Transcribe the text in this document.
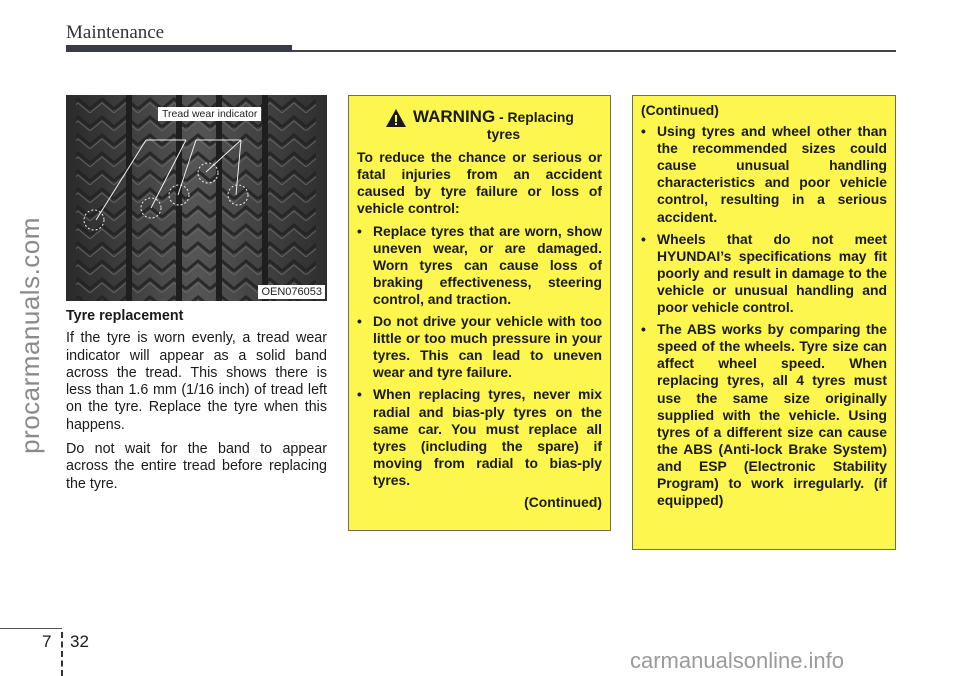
Maintenance
procarmanuals.com
Tread wear indicator
OEN076053
Tyre replacement

If the tyre is worn evenly, a tread wear indicator will appear as a solid band across the tread. This shows there is less than 1.6 mm (1/16 inch) of tread left on the tyre. Replace the tyre when this happens.

Do not wait for the band to appear across the entire tread before replacing the tyre.

WARNING - Replacing
tyres

To reduce the chance or serious or fatal injuries from an accident caused by tyre failure or loss of vehicle control:

• Replace tyres that are worn, show uneven wear, or are damaged. Worn tyres can cause loss of braking effectiveness, steering control, and traction.
• Do not drive your vehicle with too little or too much pressure in your tyres. This can lead to uneven wear and tyre failure.
• When replacing tyres, never mix radial and bias-ply tyres on the same car. You must replace all tyres (including the spare) if moving from radial to bias-ply tyres.
(Continued)
(Continued)
• Using tyres and wheel other than the recommended sizes could cause unusual handling characteristics and poor vehicle control, resulting in a serious accident.
• Wheels that do not meet HYUNDAI’s specifications may fit poorly and result in damage to the vehicle or unusual handling and poor vehicle control.
• The ABS works by comparing the speed of the wheels. Tyre size can affect wheel speed. When replacing tyres, all 4 tyres must use the same size originally supplied with the vehicle. Using tyres of a different size can cause the ABS (Anti-lock Brake System) and ESP (Electronic Stability Program) to work irregularly. (if equipped)
7 32
carmanualsonline.info
